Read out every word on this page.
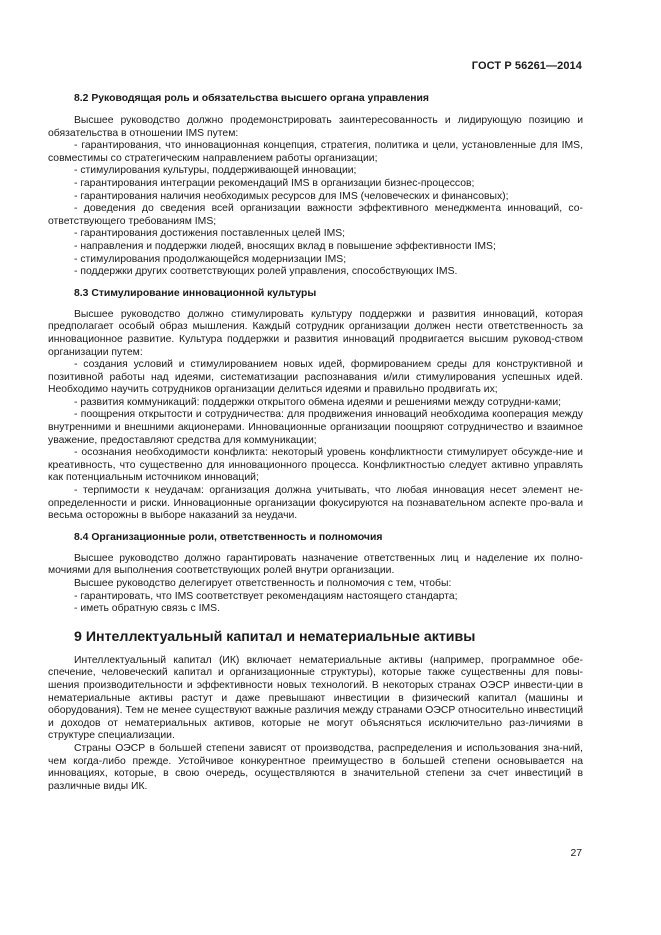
ГОСТ Р 56261—2014
8.2 Руководящая роль и обязательства высшего органа управления

Высшее руководство должно продемонстрировать заинтересованность и лидирующую позицию и обязательства в отношении IMS путем:

- гарантирования, что инновационная концепция, стратегия, политика и цели, установленные для IMS, совместимы со стратегическим направлением работы организации;

- стимулирования культуры, поддерживающей инновации;

- гарантирования интеграции рекомендаций IMS в организации бизнес-процессов;

- гарантирования наличия необходимых ресурсов для IMS (человеческих и финансовых);

- доведения до сведения всей организации важности эффективного менеджмента инноваций, со-ответствующего требованиям IMS;

- гарантирования достижения поставленных целей IMS;

- направления и поддержки людей, вносящих вклад в повышение эффективности IMS;

- стимулирования продолжающейся модернизации IMS;

- поддержки других соответствующих ролей управления, способствующих IMS.

8.3 Стимулирование инновационной культуры

Высшее руководство должно стимулировать культуру поддержки и развития инноваций, которая предполагает особый образ мышления. Каждый сотрудник организации должен нести ответственность за инновационное развитие. Культура поддержки и развития инноваций продвигается высшим руковод-ством организации путем:

- создания условий и стимулированием новых идей, формированием среды для конструктивной и позитивной работы над идеями, систематизации распознавания и/или стимулирования успешных идей. Необходимо научить сотрудников организации делиться идеями и правильно продвигать их;

- развития коммуникаций: поддержки открытого обмена идеями и решениями между сотрудни-ками;

- поощрения открытости и сотрудничества: для продвижения инноваций необходима кооперация между внутренними и внешними акционерами. Инновационные организации поощряют сотрудничество и взаимное уважение, предоставляют средства для коммуникации;

- осознания необходимости конфликта: некоторый уровень конфликтности стимулирует обсужде-ние и креативность, что существенно для инновационного процесса. Конфликтностью следует активно управлять как потенциальным источником инноваций;

- терпимости к неудачам: организация должна учитывать, что любая инновация несет элемент не-определенности и риски. Инновационные организации фокусируются на познавательном аспекте про-вала и весьма осторожны в выборе наказаний за неудачи.

8.4 Организационные роли, ответственность и полномочия

Высшее руководство должно гарантировать назначение ответственных лиц и наделение их полно-мочиями для выполнения соответствующих ролей внутри организации.

Высшее руководство делегирует ответственность и полномочия с тем, чтобы:

- гарантировать, что IMS соответствует рекомендациям настоящего стандарта;

- иметь обратную связь с IMS.

9 Интеллектуальный капитал и нематериальные активы

Интеллектуальный капитал (ИК) включает нематериальные активы (например, программное обе-спечение, человеческий капитал и организационные структуры), которые также существенны для повы-шения производительности и эффективности новых технологий. В некоторых странах ОЭСР инвести-ции в нематериальные активы растут и даже превышают инвестиции в физический капитал (машины и оборудования). Тем не менее существуют важные различия между странами ОЭСР относительно инвестиций и доходов от нематериальных активов, которые не могут объясняться исключительно раз-личиями в структуре специализации.

Страны ОЭСР в большей степени зависят от производства, распределения и использования зна-ний, чем когда-либо прежде. Устойчивое конкурентное преимущество в большей степени основывается на инновациях, которые, в свою очередь, осуществляются в значительной степени за счет инвестиций в различные виды ИК.

27
